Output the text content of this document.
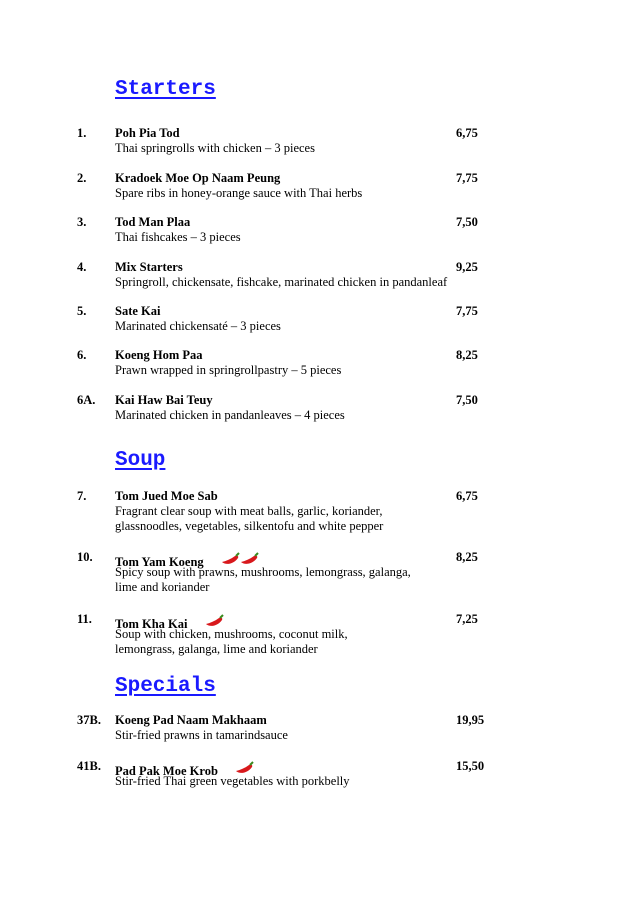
Starters
1. Poh Pia Tod	6,75
Thai springrolls with chicken – 3 pieces
2. Kradoek Moe Op Naam Peung	7,75
Spare ribs in honey-orange sauce with Thai herbs
3. Tod Man Plaa	7,50
Thai fishcakes – 3 pieces
4. Mix Starters	9,25
Springroll, chickensate, fishcake, marinated chicken in pandanleaf
5. Sate Kai	7,75
Marinated chickensaté – 3 pieces
6. Koeng Hom Paa	8,25
Prawn wrapped in springrollpastry – 5 pieces
6A. Kai Haw Bai Teuy	7,50
Marinated chicken in pandanleaves – 4 pieces
Soup
7. Tom Jued Moe Sab	6,75
Fragrant clear soup with meat balls, garlic, koriander,
glassnoodles, vegetables, silkentofu and white pepper
10. Tom Yam Koeng	8,25
Spicy soup with prawns, mushrooms, lemongrass, galanga,
lime and koriander
11. Tom Kha Kai	7,25
Soup with chicken, mushrooms, coconut milk,
lemongrass, galanga, lime and koriander
Specials
37B. Koeng Pad Naam Makhaam	19,95
Stir-fried prawns in tamarindsauce
41B. Pad Pak Moe Krob	15,50
Stir-fried Thai green vegetables with porkbelly
